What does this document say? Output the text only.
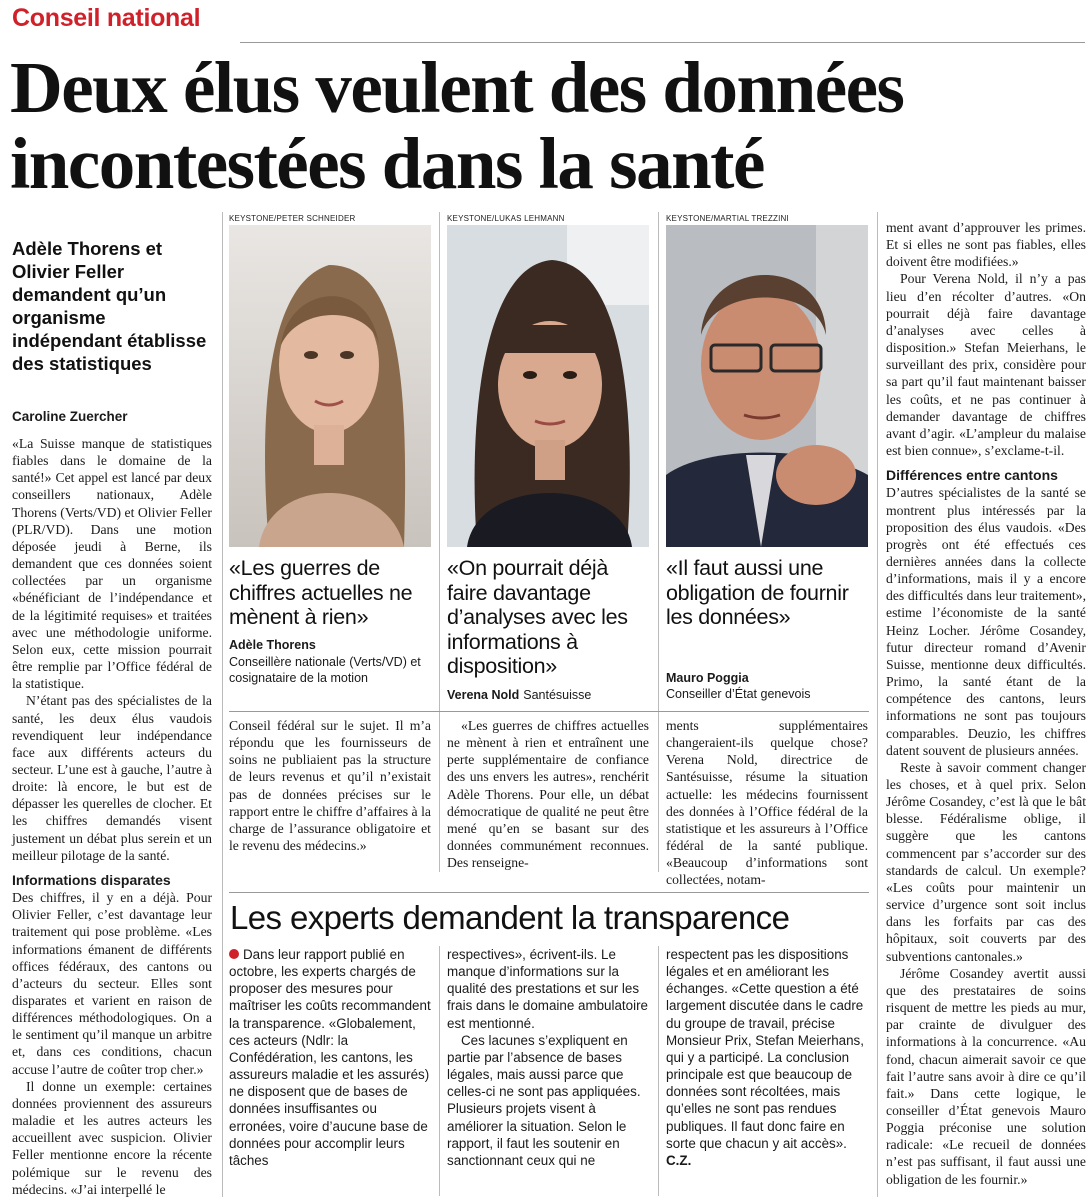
Conseil national
Deux élus veulent des données
incontestées dans la santé
Adèle Thorens et Olivier Feller demandent qu’un organisme indépendant établisse des statistiques
Caroline Zuercher

«La Suisse manque de statistiques fiables dans le domaine de la santé!» Cet appel est lancé par deux conseillers nationaux, Adèle Thorens (Verts/VD) et Olivier Feller (PLR/VD). Dans une motion déposée jeudi à Berne, ils demandent que ces données soient collectées par un organisme «bénéficiant de l’indépendance et de la légitimité requises» et traitées avec une méthodologie uniforme. Selon eux, cette mission pourrait être remplie par l’Office fédéral de la statistique.

N’étant pas des spécialistes de la santé, les deux élus vaudois revendiquent leur indépendance face aux différents acteurs du secteur. L’une est à gauche, l’autre à droite: là encore, le but est de dépasser les querelles de clocher. Et les chiffres demandés visent justement un débat plus serein et un meilleur pilotage de la santé.

Informations disparates

Des chiffres, il y en a déjà. Pour Olivier Feller, c’est davantage leur traitement qui pose problème. «Les informations émanent de différents offices fédéraux, des cantons ou d’acteurs du secteur. Elles sont disparates et varient en raison de différences méthodologiques. On a le sentiment qu’il manque un arbitre et, dans ces conditions, chacun accuse l’autre de coûter trop cher.»

Il donne un exemple: certaines données proviennent des assureurs maladie et les autres acteurs les accueillent avec suspicion. Olivier Feller mentionne encore la récente polémique sur le revenu des médecins. «J’ai interpellé le

KEYSTONE/PETER SCHNEIDER
«Les guerres de chiffres actuelles ne mènent à rien»
Adèle Thorens
Conseillère nationale (Verts/VD) et cosignataire de la motion
KEYSTONE/LUKAS LEHMANN
«On pourrait déjà faire davantage d’analyses avec les informations à disposition»
Verena Nold Santésuisse
KEYSTONE/MARTIAL TREZZINI
«Il faut aussi une obligation de fournir les données»
Mauro Poggia
Conseiller d’État genevois

Conseil fédéral sur le sujet. Il m’a répondu que les fournisseurs de soins ne publiaient pas la structure de leurs revenus et qu’il n’existait pas de données précises sur le rapport entre le chiffre d’affaires à la charge de l’assurance obligatoire et le revenu des médecins.»

«Les guerres de chiffres actuelles ne mènent à rien et entraînent une perte supplémentaire de confiance des uns envers les autres», renchérit Adèle Thorens. Pour elle, un débat démocratique de qualité ne peut être mené qu’en se basant sur des données communément reconnues. Des renseigne-

ments supplémentaires changeraient-ils quelque chose? Verena Nold, directrice de Santésuisse, résume la situation actuelle: les médecins fournissent des données à l’Office fédéral de la statistique et les assureurs à l’Office fédéral de la santé publique. «Beaucoup d’informations sont collectées, notam-

Les experts demandent la transparence

Dans leur rapport publié en octobre, les experts chargés de proposer des mesures pour maîtriser les coûts recommandent la transparence. «Globalement, ces acteurs (Ndlr: la Confédération, les cantons, les assureurs maladie et les assurés) ne disposent que de bases de données insuffisantes ou erronées, voire d’aucune base de données pour accomplir leurs tâches

respectives», écrivent-ils. Le manque d’informations sur la qualité des prestations et sur les frais dans le domaine ambulatoire est mentionné.

Ces lacunes s’expliquent en partie par l’absence de bases légales, mais aussi parce que celles-ci ne sont pas appliquées. Plusieurs projets visent à améliorer la situation. Selon le rapport, il faut les soutenir en sanctionnant ceux qui ne

respectent pas les dispositions légales et en améliorant les échanges. «Cette question a été largement discutée dans le cadre du groupe de travail, précise Monsieur Prix, Stefan Meierhans, qui y a participé. La conclusion principale est que beaucoup de données sont récoltées, mais qu’elles ne sont pas rendues publiques. Il faut donc faire en sorte que chacun y ait accès». C.Z.

ment avant d’approuver les primes. Et si elles ne sont pas fiables, elles doivent être modifiées.»

Pour Verena Nold, il n’y a pas lieu d’en récolter d’autres. «On pourrait déjà faire davantage d’analyses avec celles à disposition.» Stefan Meierhans, le surveillant des prix, considère pour sa part qu’il faut maintenant baisser les coûts, et ne pas continuer à demander davantage de chiffres avant d’agir. «L’ampleur du malaise est bien connue», s’exclame-t-il.

Différences entre cantons

D’autres spécialistes de la santé se montrent plus intéressés par la proposition des élus vaudois. «Des progrès ont été effectués ces dernières années dans la collecte d’informations, mais il y a encore des difficultés dans leur traitement», estime l’économiste de la santé Heinz Locher. Jérôme Cosandey, futur directeur romand d’Avenir Suisse, mentionne deux difficultés. Primo, la santé étant de la compétence des cantons, leurs informations ne sont pas toujours comparables. Deuzio, les chiffres datent souvent de plusieurs années.

Reste à savoir comment changer les choses, et à quel prix. Selon Jérôme Cosandey, c’est là que le bât blesse. Fédéralisme oblige, il suggère que les cantons commencent par s’accorder sur des standards de calcul. Un exemple? «Les coûts pour maintenir un service d’urgence sont soit inclus dans les forfaits par cas des hôpitaux, soit couverts par des subventions cantonales.»

Jérôme Cosandey avertit aussi que des prestataires de soins risquent de mettre les pieds au mur, par crainte de divulguer des informations à la concurrence. «Au fond, chacun aimerait savoir ce que fait l’autre sans avoir à dire ce qu’il fait.» Dans cette logique, le conseiller d’État genevois Mauro Poggia préconise une solution radicale: «Le recueil de données n’est pas suffisant, il faut aussi une obligation de les fournir.»
